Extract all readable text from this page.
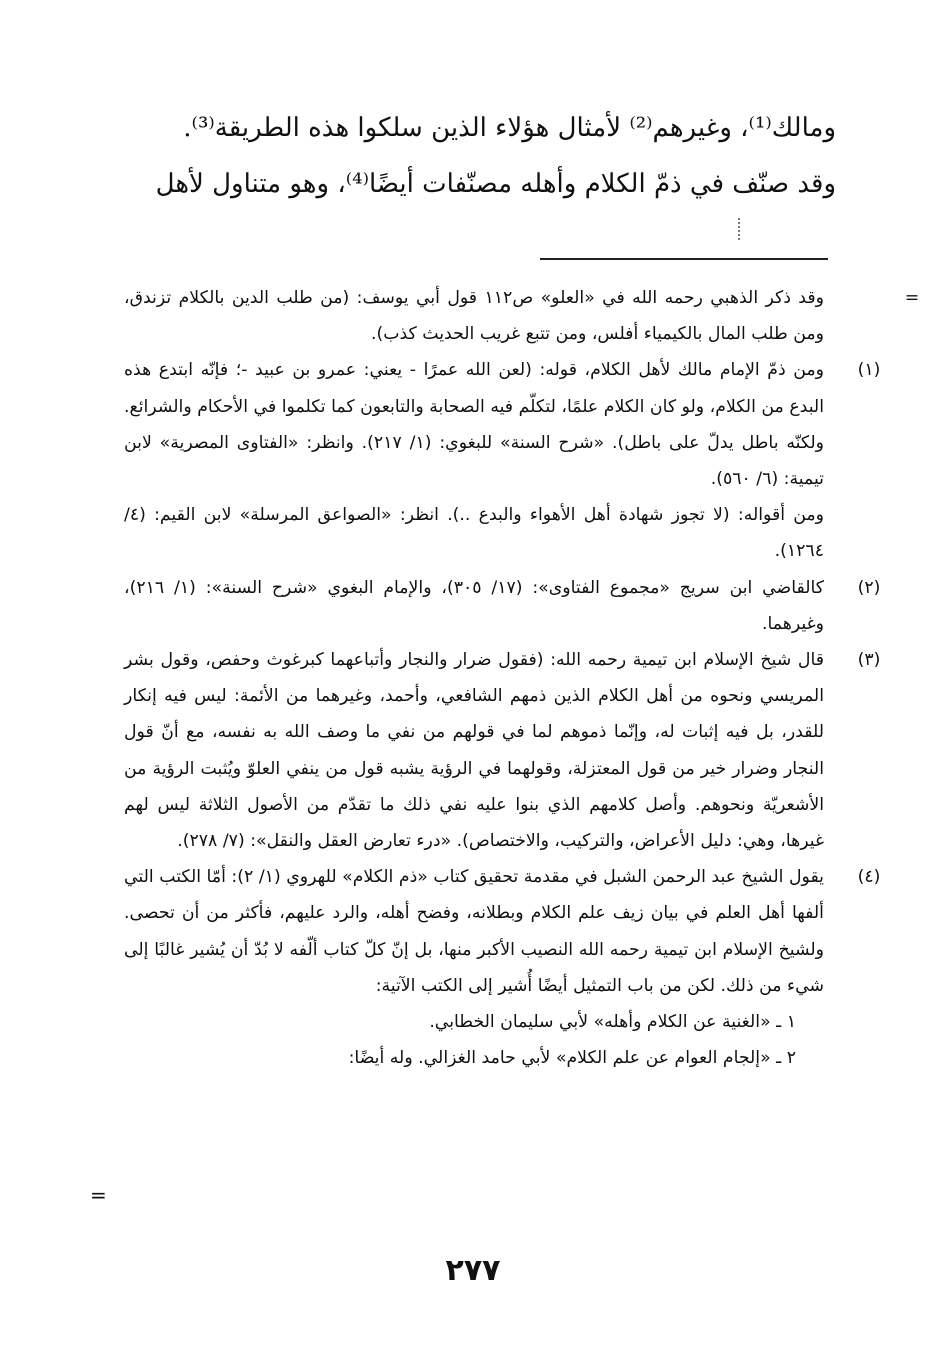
ومالك⁽¹⁾، وغيرهم⁽²⁾ لأمثال هؤلاء الذين سلكوا هذه الطريقة⁽³⁾.

وقد صنّف في ذمّ الكلام وأهله مصنّفات أيضًا⁽⁴⁾، وهو متناول لأهل

=

وقد ذكر الذهبي رحمه الله في «العلو» ص١١٢ قول أبي يوسف: (من طلب الدين بالكلام تزندق، ومن طلب المال بالكيمياء أفلس، ومن تتبع غريب الحديث كذب).

(١)

ومن ذمّ الإمام مالك لأهل الكلام، قوله: (لعن الله عمرًا - يعني: عمرو بن عبيد -؛ فإنّه ابتدع هذه البدع من الكلام، ولو كان الكلام علمًا، لتكلّم فيه الصحابة والتابعون كما تكلموا في الأحكام والشرائع. ولكنّه باطل يدلّ على باطل). «شرح السنة» للبغوي: (١/ ٢١٧). وانظر: «الفتاوى المصرية» لابن تيمية: (٦/ ٥٦٠).

ومن أقواله: (لا تجوز شهادة أهل الأهواء والبدع ..). انظر: «الصواعق المرسلة» لابن القيم: (٤/ ١٢٦٤).

(٢)

كالقاضي ابن سريج «مجموع الفتاوى»: (١٧/ ٣٠٥)، والإمام البغوي «شرح السنة»: (١/ ٢١٦)، وغيرهما.

(٣)

قال شيخ الإسلام ابن تيمية رحمه الله: (فقول ضرار والنجار وأتباعهما كبرغوث وحفص، وقول بشر المريسي ونحوه من أهل الكلام الذين ذمهم الشافعي، وأحمد، وغيرهما من الأئمة: ليس فيه إنكار للقدر، بل فيه إثبات له، وإنّما ذموهم لما في قولهم من نفي ما وصف الله به نفسه، مع أنّ قول النجار وضرار خير من قول المعتزلة، وقولهما في الرؤية يشبه قول من ينفي العلوّ ويُثبت الرؤية من الأشعريّة ونحوهم. وأصل كلامهم الذي بنوا عليه نفي ذلك ما تقدّم من الأصول الثلاثة ليس لهم غيرها، وهي: دليل الأعراض، والتركيب، والاختصاص). «درء تعارض العقل والنقل»: (٧/ ٢٧٨).

(٤)

يقول الشيخ عبد الرحمن الشبل في مقدمة تحقيق كتاب «ذم الكلام» للهروي (١/ ٢): أمّا الكتب التي ألفها أهل العلم في بيان زيف علم الكلام وبطلانه، وفضح أهله، والرد عليهم، فأكثر من أن تحصى. ولشيخ الإسلام ابن تيمية رحمه الله النصيب الأكبر منها، بل إنّ كلّ كتاب ألّفه لا بُدّ أن يُشير غالبًا إلى شيء من ذلك. لكن من باب التمثيل أيضًا أُشير إلى الكتب الآتية:

١ ـ «الغنية عن الكلام وأهله» لأبي سليمان الخطابي.

٢ ـ «إلجام العوام عن علم الكلام» لأبي حامد الغزالي. وله أيضًا:

=
٢٧٧
